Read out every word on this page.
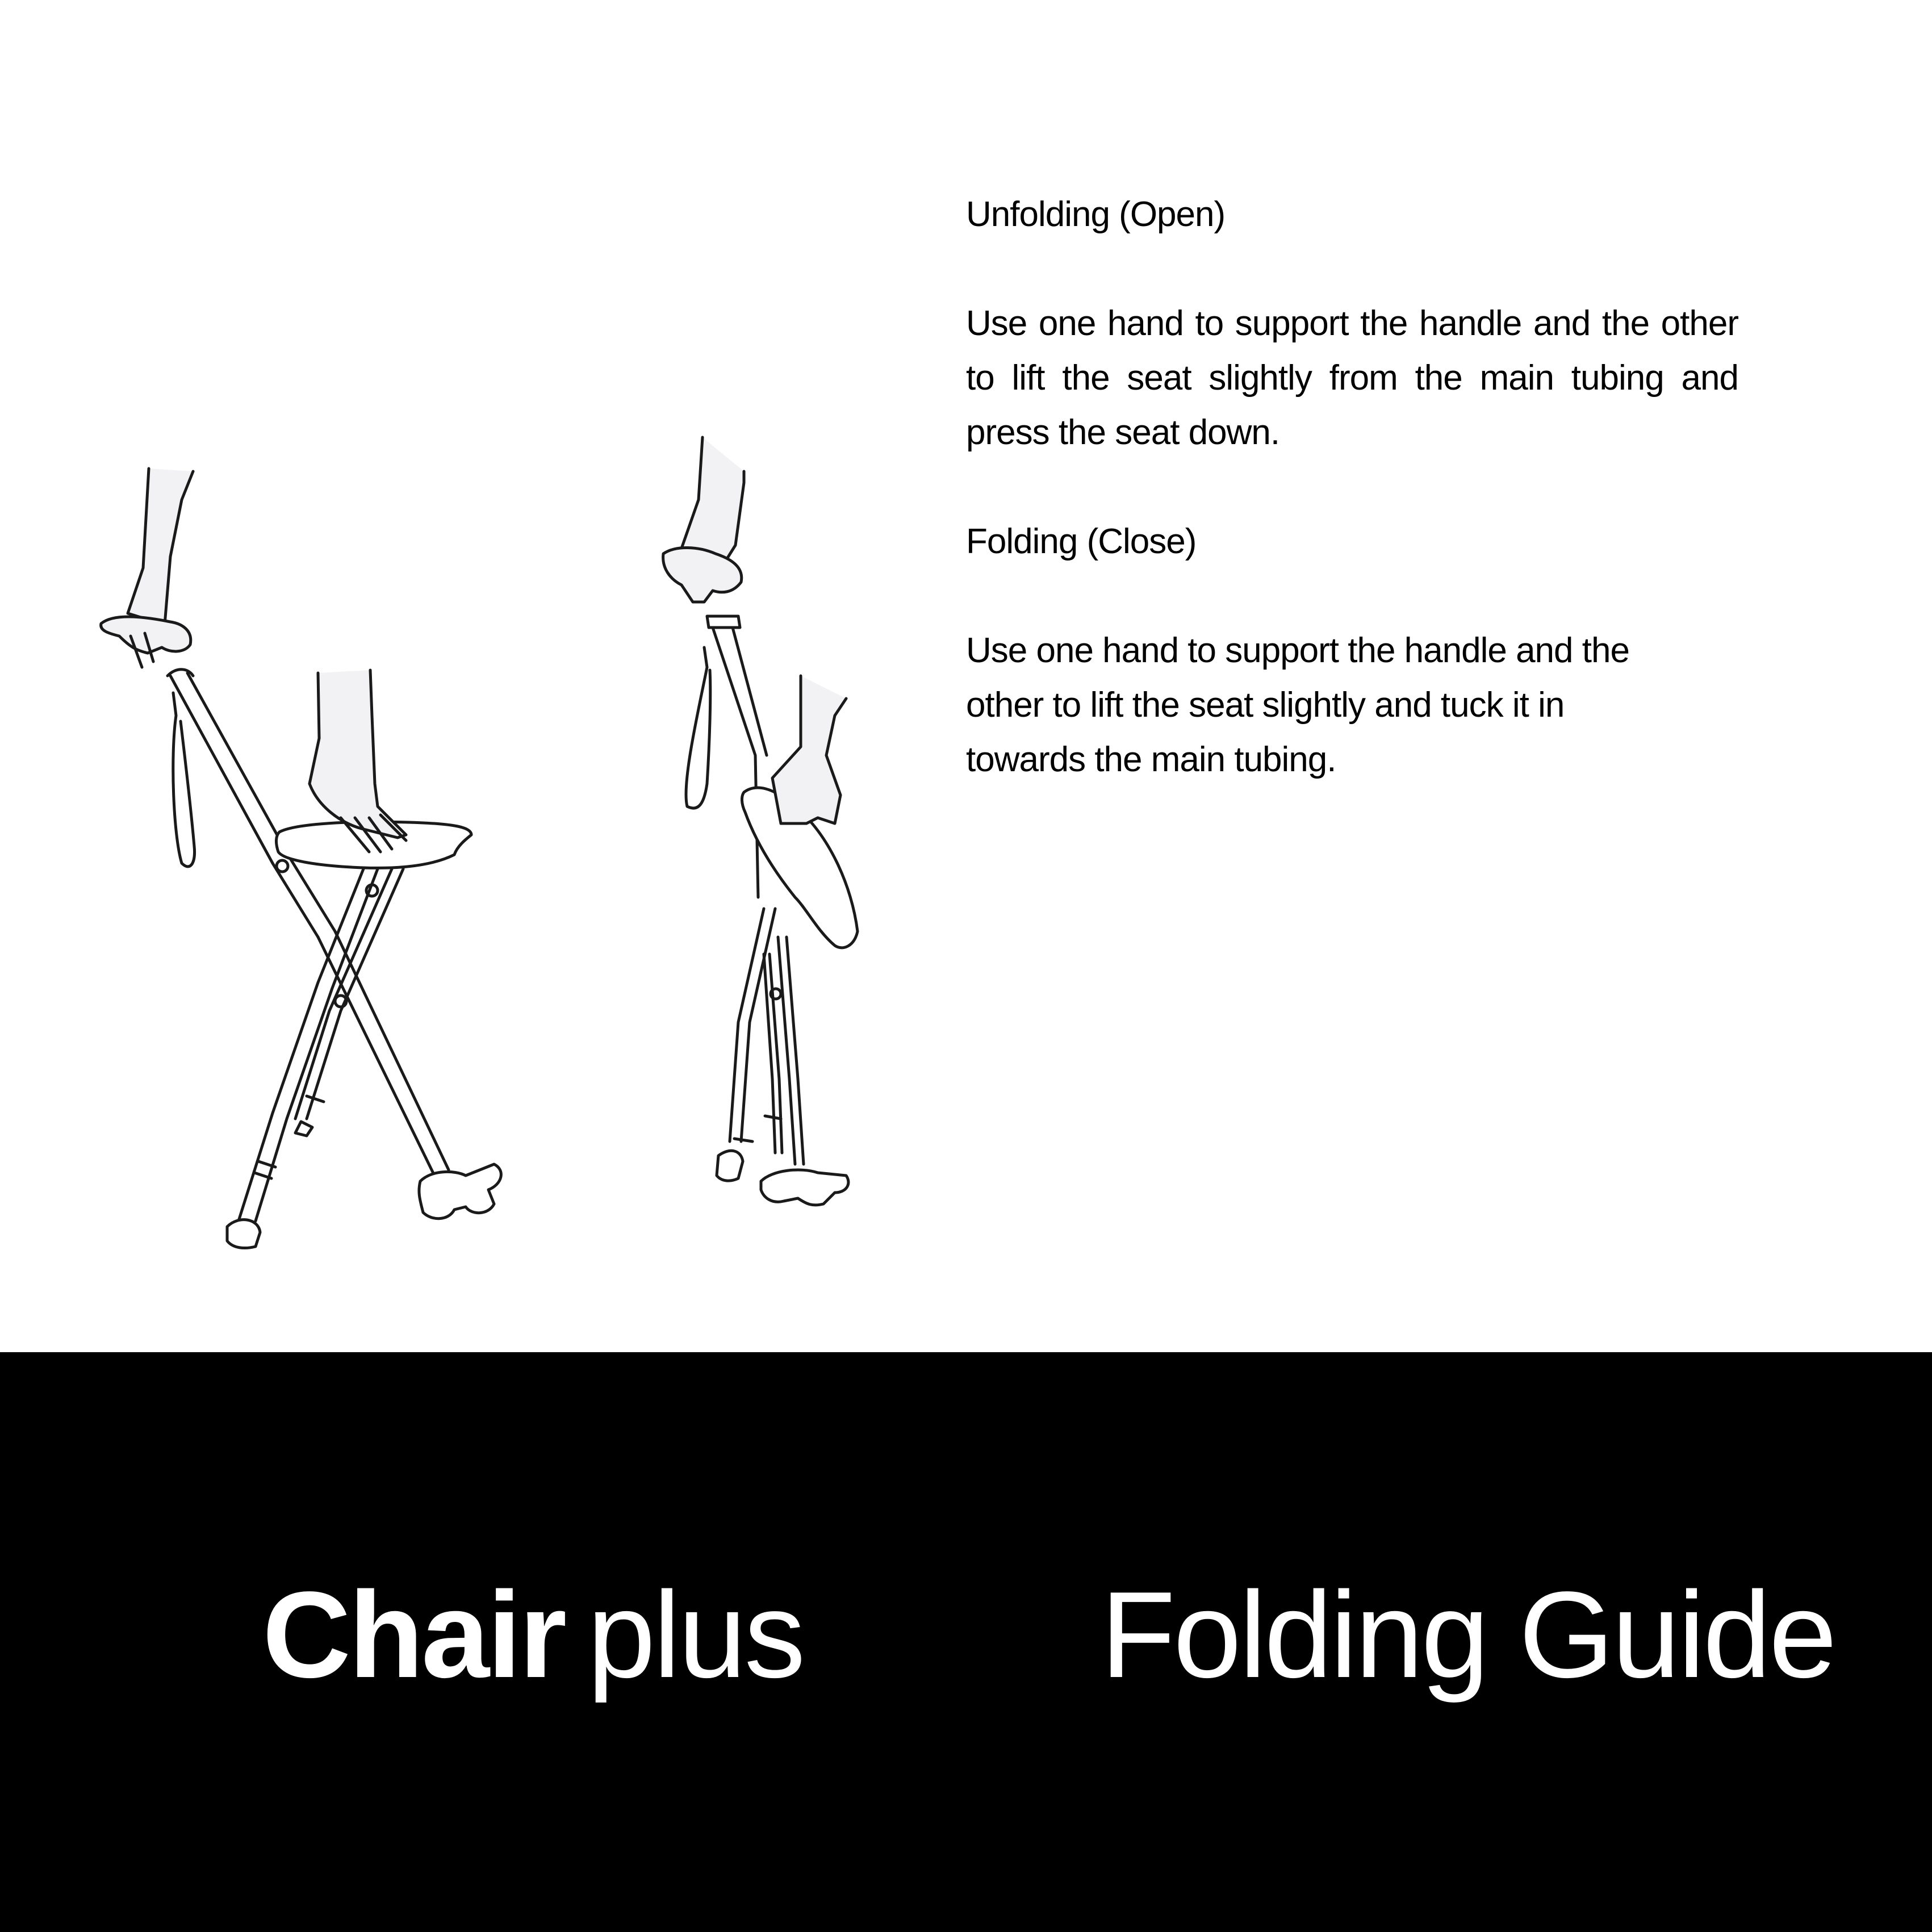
Unfolding (Open)

Use one hand to support the handle and the other to lift the seat slightly from the main tubing and press the seat down.

Folding (Close)

Use one hand to support the handle and the
other to lift the seat slightly and tuck it in
towards the main tubing.

Chair plus Folding Guide
